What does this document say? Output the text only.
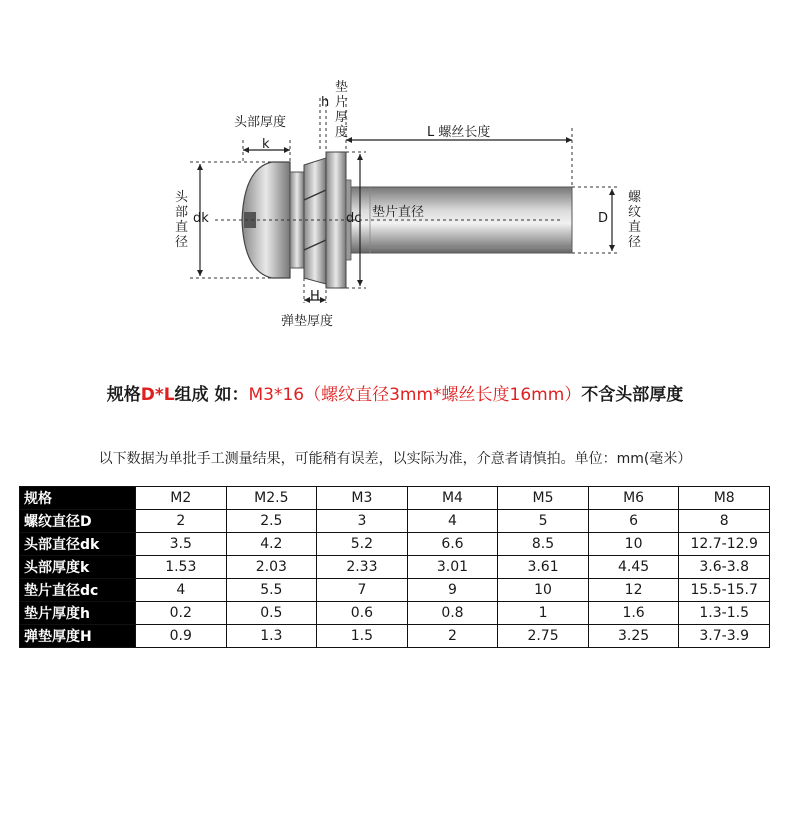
头部厚度
k
h
垫片厚度	L 螺丝长度
头部直径
dk	dc 垫片直径	D
螺纹直径
H
弹垫厚度
规格D*L组成 如：M3*16（螺纹直径3mm*螺丝长度16mm）不含头部厚度
以下数据为单批手工测量结果，可能稍有误差，以实际为准，介意者请慎拍。单位：mm(毫米）
规格	M2	M2.5	M3	M4	M5	M6	M8
螺纹直径D	2	2.5	3	4	5	6	8
头部直径dk	3.5	4.2	5.2	6.6	8.5	10	12.7-12.9
头部厚度k	1.53	2.03	2.33	3.01	3.61	4.45	3.6-3.8
垫片直径dc	4	5.5	7	9	10	12	15.5-15.7
垫片厚度h	0.2	0.5	0.6	0.8	1	1.6	1.3-1.5
弹垫厚度H	0.9	1.3	1.5	2	2.75	3.25	3.7-3.9
